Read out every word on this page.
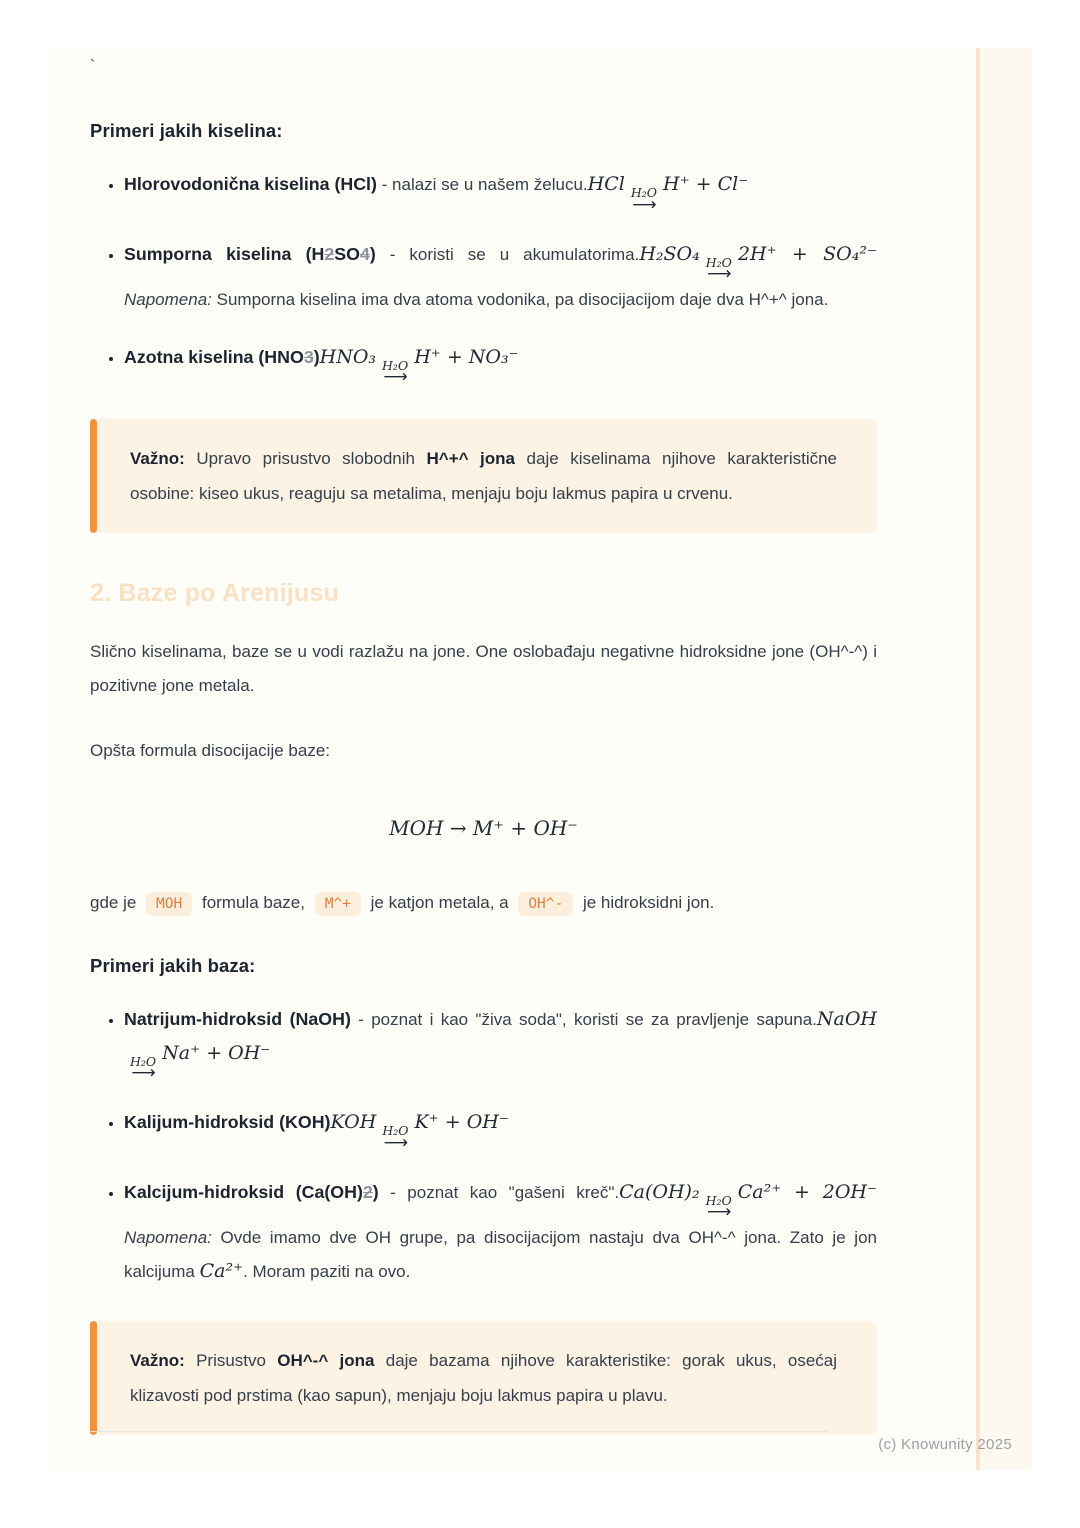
`
Primeri jakih kiselina:
• Hlorovodonična kiselina (HCl) - nalazi se u našem želucu.HCl H₂O
⟶ H⁺ + Cl⁻
• Sumporna kiselina (H2SO4) - koristi se u akumulatorima.H₂SO₄ H₂O
⟶ 2H⁺ + SO₄²⁻ Napomena: Sumporna kiselina ima dva atoma vodonika, pa disocijacijom daje dva H^+^ jona.
• Azotna kiselina (HNO3)HNO₃ H₂O
⟶ H⁺ + NO₃⁻

Važno: Upravo prisustvo slobodnih H^+^ jona daje kiselinama njihove karakteristične osobine: kiseo ukus, reaguju sa metalima, menjaju boju lakmus papira u crvenu.

2. Baze po Arenijusu

Slično kiselinama, baze se u vodi razlažu na jone. One oslobađaju negativne hidroksidne jone (OH^-^) i pozitivne jone metala.

Opšta formula disocijacije baze:

MOH → M⁺ + OH⁻

gde je MOH formula baze, M^+ je katjon metala, a OH^- je hidroksidni jon.

Primeri jakih baza:
• Natrijum-hidroksid (NaOH) - poznat i kao "živa soda", koristi se za pravljenje sapuna.NaOH
H₂O
⟶ Na⁺ + OH⁻
• Kalijum-hidroksid (KOH)KOH H₂O
⟶ K⁺ + OH⁻
• Kalcijum-hidroksid (Ca(OH)2) - poznat kao "gašeni kreč".Ca(OH)₂ H₂O
⟶ Ca²⁺ + 2OH⁻ Napomena: Ovde imamo dve OH grupe, pa disocijacijom nastaju dva OH^-^ jona. Zato je jon kalcijuma Ca²⁺. Moram paziti na ovo.

Važno: Prisustvo OH^-^ jona daje bazama njihove karakteristike: gorak ukus, osećaj klizavosti pod prstima (kao sapun), menjaju boju lakmus papira u plavu.

(c) Knowunity 2025
